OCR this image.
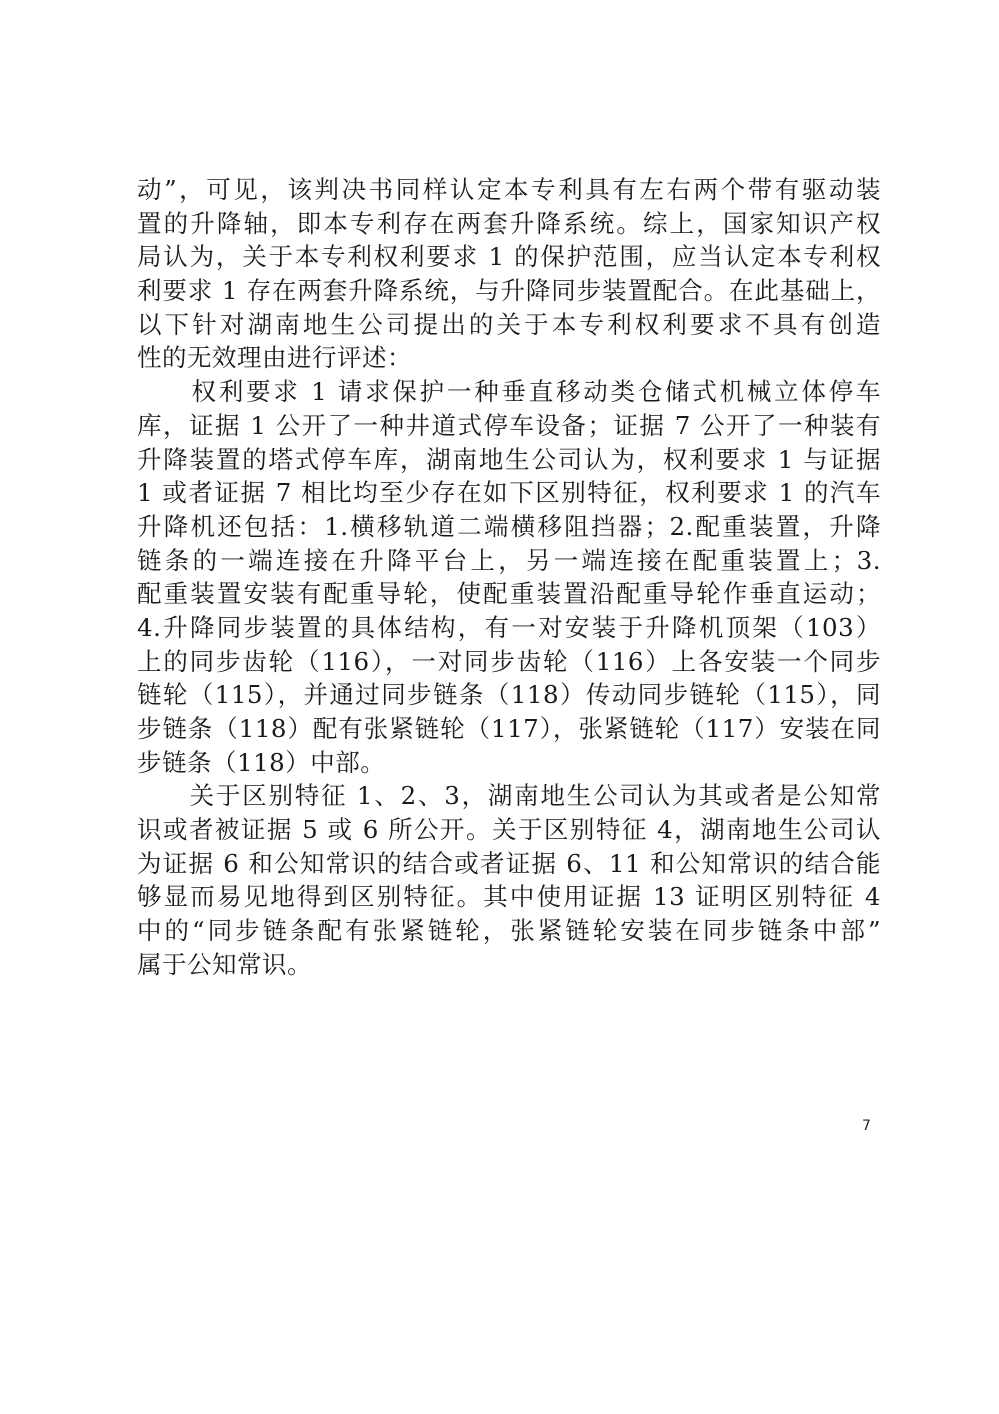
动”，可见，该判决书同样认定本专利具有左右两个带有驱动装
置的升降轴，即本专利存在两套升降系统。综上，国家知识产权
局认为，关于本专利权利要求 1 的保护范围，应当认定本专利权
利要求 1 存在两套升降系统，与升降同步装置配合。在此基础上，
以下针对湖南地生公司提出的关于本专利权利要求不具有创造
性的无效理由进行评述：
　　权利要求 1 请求保护一种垂直移动类仓储式机械立体停车
库，证据 1 公开了一种井道式停车设备；证据 7 公开了一种装有
升降装置的塔式停车库，湖南地生公司认为，权利要求 1 与证据
1 或者证据 7 相比均至少存在如下区别特征，权利要求 1 的汽车
升降机还包括：1.横移轨道二端横移阻挡器；2.配重装置，升降
链条的一端连接在升降平台上，另一端连接在配重装置上；3.
配重装置安装有配重导轮，使配重装置沿配重导轮作垂直运动；
4.升降同步装置的具体结构，有一对安装于升降机顶架（103）
上的同步齿轮（116），一对同步齿轮（116）上各安装一个同步
链轮（115），并通过同步链条（118）传动同步链轮（115），同
步链条（118）配有张紧链轮（117），张紧链轮（117）安装在同
步链条（118）中部。
　　关于区别特征 1、2、3，湖南地生公司认为其或者是公知常
识或者被证据 5 或 6 所公开。关于区别特征 4，湖南地生公司认
为证据 6 和公知常识的结合或者证据 6、11 和公知常识的结合能
够显而易见地得到区别特征。其中使用证据 13 证明区别特征 4
中的“同步链条配有张紧链轮，张紧链轮安装在同步链条中部”
属于公知常识。
7
